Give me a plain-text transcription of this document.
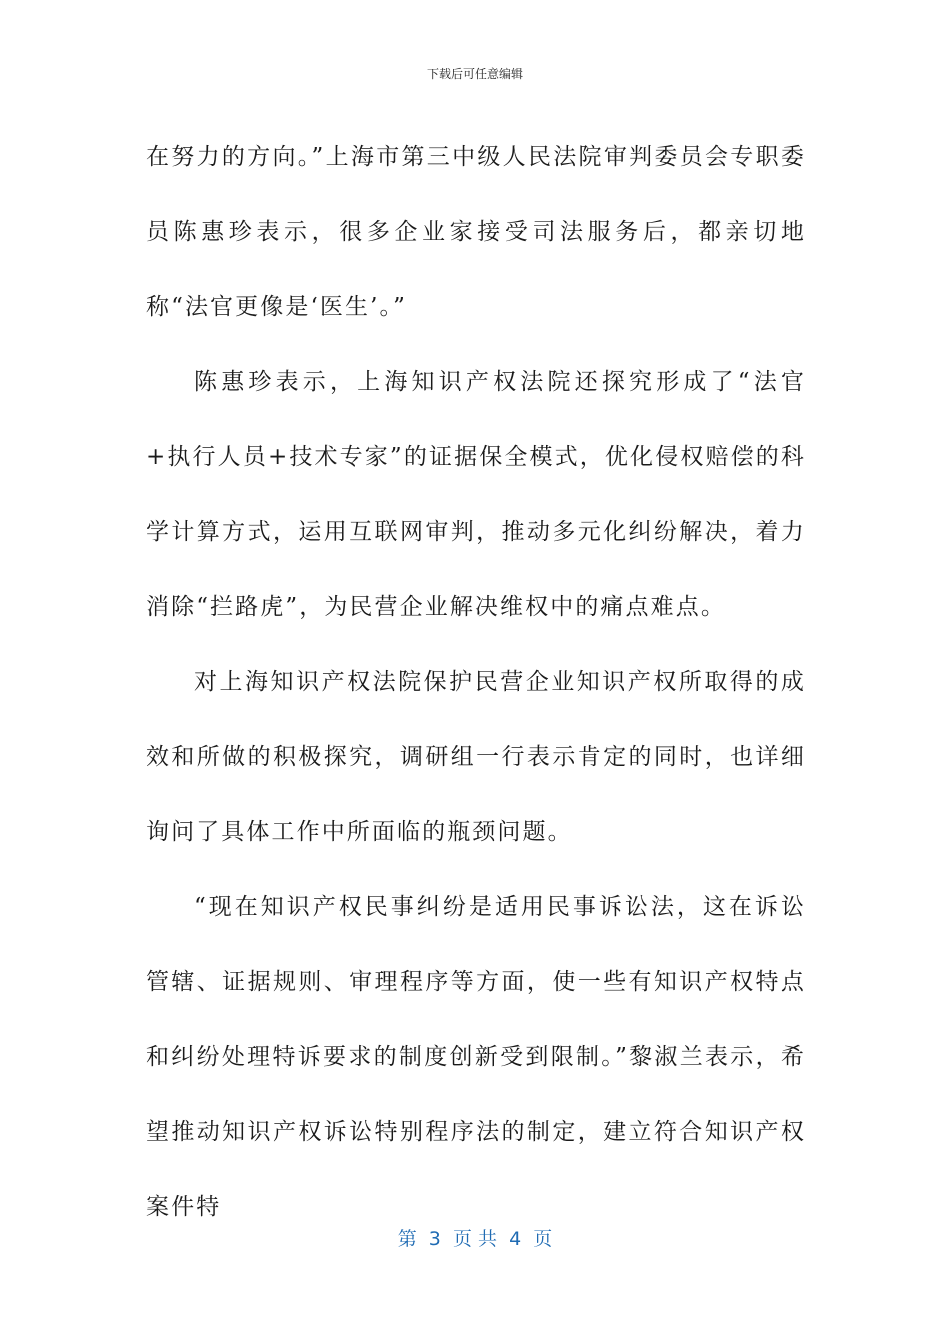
下载后可任意编辑

在努力的方向。”上海市第三中级人民法院审判委员会专职委员陈惠珍表示，很多企业家接受司法服务后，都亲切地称“法官更像是‘医生’。”

陈惠珍表示，上海知识产权法院还探究形成了“法官+执行人员+技术专家”的证据保全模式，优化侵权赔偿的科学计算方式，运用互联网审判，推动多元化纠纷解决，着力消除“拦路虎”，为民营企业解决维权中的痛点难点。

对上海知识产权法院保护民营企业知识产权所取得的成效和所做的积极探究，调研组一行表示肯定的同时，也详细询问了具体工作中所面临的瓶颈问题。

“现在知识产权民事纠纷是适用民事诉讼法，这在诉讼管辖、证据规则、审理程序等方面，使一些有知识产权特点和纠纷处理特诉要求的制度创新受到限制。”黎淑兰表示，希望推动知识产权诉讼特别程序法的制定，建立符合知识产权案件特

第  3  页 共  4  页
